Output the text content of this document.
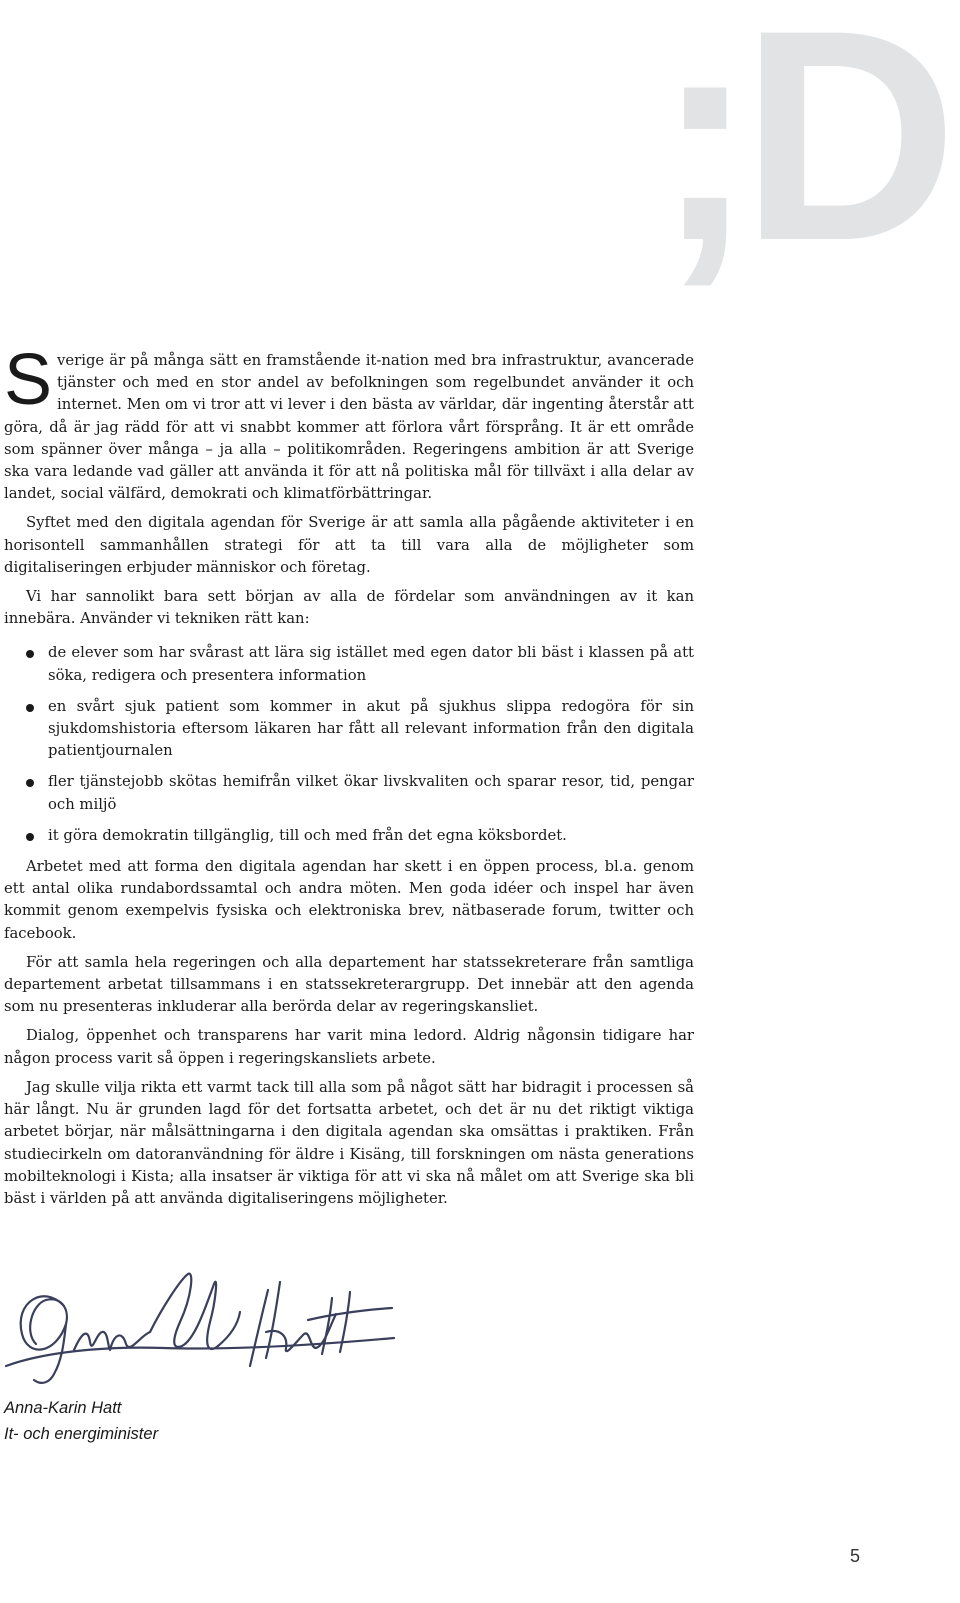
;D

Sverige är på många sätt en framstående it-nation med bra infrastruktur, avancerade tjänster och med en stor andel av befolkningen som regelbundet använder it och internet. Men om vi tror att vi lever i den bästa av världar, där ingenting återstår att göra, då är jag rädd för att vi snabbt kommer att förlora vårt försprång. It är ett område som spänner över många – ja alla – politikområden. Regeringens ambition är att Sverige ska vara ledande vad gäller att använda it för att nå politiska mål för tillväxt i alla delar av landet, social välfärd, demokrati och klimatförbättringar.

Syftet med den digitala agendan för Sverige är att samla alla pågående aktiviteter i en horisontell sammanhållen strategi för att ta till vara alla de möjligheter som digitaliseringen erbjuder människor och företag.

Vi har sannolikt bara sett början av alla de fördelar som användningen av it kan innebära. Använder vi tekniken rätt kan:

de elever som har svårast att lära sig istället med egen dator bli bäst i klassen på att söka, redigera och presentera information
en svårt sjuk patient som kommer in akut på sjukhus slippa redogöra för sin sjukdomshistoria eftersom läkaren har fått all relevant information från den digitala patientjournalen
fler tjänstejobb skötas hemifrån vilket ökar livskvaliten och sparar resor, tid, pengar och miljö
it göra demokratin tillgänglig, till och med från det egna köksbordet.

Arbetet med att forma den digitala agendan har skett i en öppen process, bl.a. genom ett antal olika rundabordssamtal och andra möten. Men goda idéer och inspel har även kommit genom exempelvis fysiska och elektroniska brev, nätbaserade forum, twitter och facebook.

För att samla hela regeringen och alla departement har statssekreterare från samtliga departement arbetat tillsammans i en statssekreterargrupp. Det innebär att den agenda som nu presenteras inkluderar alla berörda delar av regeringskansliet.

Dialog, öppenhet och transparens har varit mina ledord. Aldrig någonsin tidigare har någon process varit så öppen i regeringskansliets arbete.

Jag skulle vilja rikta ett varmt tack till alla som på något sätt har bidragit i processen så här långt. Nu är grunden lagd för det fortsatta arbetet, och det är nu det riktigt viktiga arbetet börjar, när målsättningarna i den digitala agendan ska omsättas i praktiken. Från studiecirkeln om datoranvändning för äldre i Kisäng, till forskningen om nästa generations mobilteknologi i Kista; alla insatser är viktiga för att vi ska nå målet om att Sverige ska bli bäst i världen på att använda digitaliseringens möjligheter.

Anna-Karin Hatt
It- och energiminister
5
